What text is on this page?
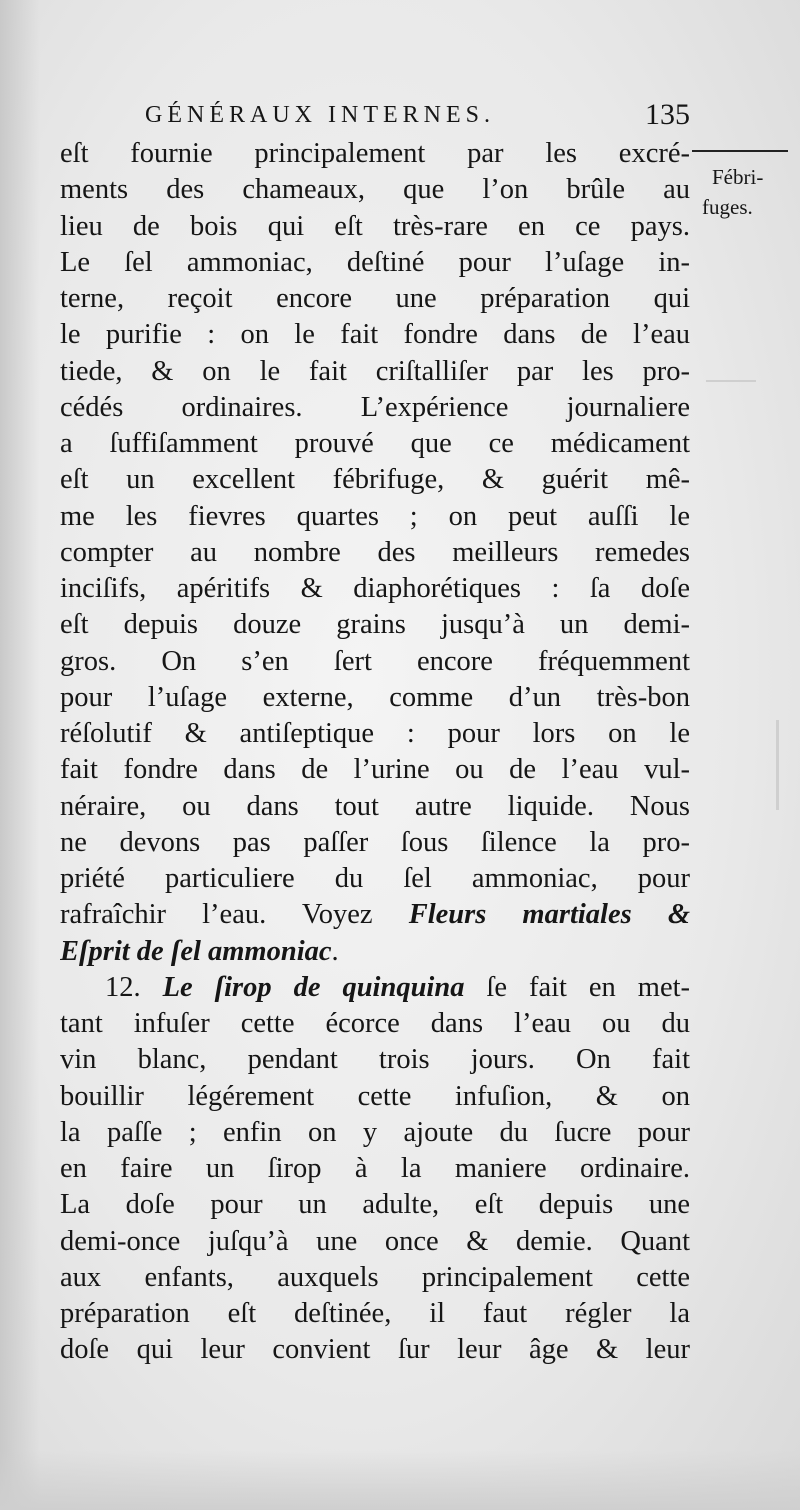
GÉNÉRAUX INTERNES.	135
Fébri-
fuges.
eſt fournie principalement par les excré-
ments des chameaux, que l’on brûle au
lieu de bois qui eſt très-rare en ce pays.
Le ſel ammoniac, deſtiné pour l’uſage in-
terne, reçoit encore une préparation qui
le purifie : on le fait fondre dans de l’eau
tiede, & on le fait criſtalliſer par les pro-
cédés ordinaires. L’expérience journaliere
a ſuffiſamment prouvé que ce médicament
eſt un excellent fébrifuge, & guérit mê-
me les fievres quartes ; on peut auſſi le
compter au nombre des meilleurs remedes
inciſifs, apéritifs & diaphorétiques : ſa doſe
eſt depuis douze grains jusqu’à un demi-
gros. On s’en ſert encore fréquemment
pour l’uſage externe, comme d’un très-bon
réſolutif & antiſeptique : pour lors on le
fait fondre dans de l’urine ou de l’eau vul-
néraire, ou dans tout autre liquide. Nous
ne devons pas paſſer ſous ſilence la pro-
priété particuliere du ſel ammoniac, pour
rafraîchir l’eau. Voyez Fleurs martiales &
Eſprit de ſel ammoniac.
12. Le ſirop de quinquina ſe fait en met-
tant infuſer cette écorce dans l’eau ou du
vin blanc, pendant trois jours. On fait
bouillir légérement cette infuſion, & on
la paſſe ; enfin on y ajoute du ſucre pour
en faire un ſirop à la maniere ordinaire.
La doſe pour un adulte, eſt depuis une
demi-once juſqu’à une once & demie. Quant
aux enfants, auxquels principalement cette
préparation eſt deſtinée, il faut régler la
doſe qui leur convient ſur leur âge & leur
